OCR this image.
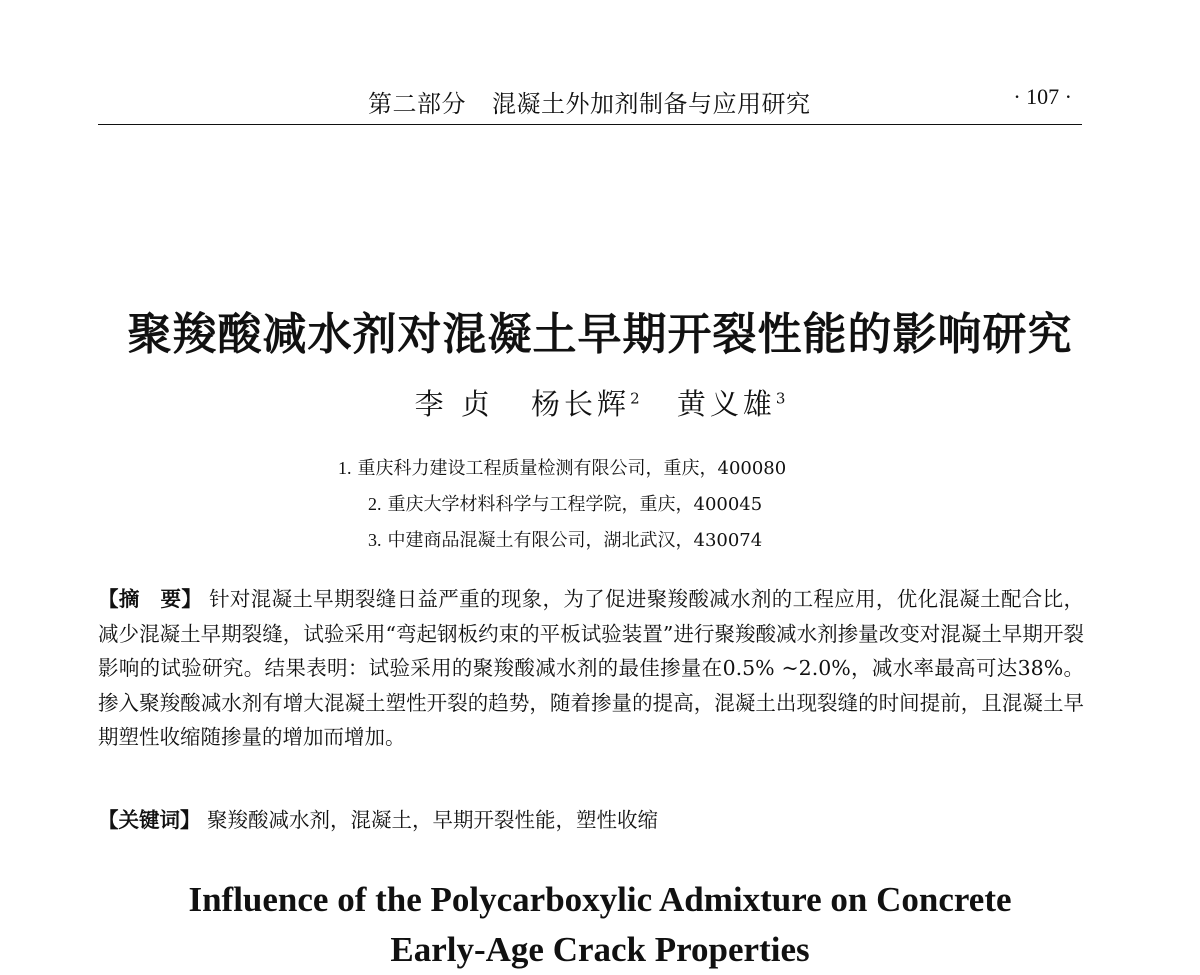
第二部分 混凝土外加剂制备与应用研究	· 107 ·
聚羧酸减水剂对混凝土早期开裂性能的影响研究
李 贞 杨长辉$^2$ 黄义雄$^3$
1. 重庆科力建设工程质量检测有限公司，重庆，400080
2. 重庆大学材料科学与工程学院，重庆，400045
3. 中建商品混凝土有限公司，湖北武汉，430074
【摘　要】 针对混凝土早期裂缝日益严重的现象，为了促进聚羧酸减水剂的工程应用，优化混凝土配合比，减少混凝土早期裂缝，试验采用“弯起钢板约束的平板试验装置”进行聚羧酸减水剂掺量改变对混凝土早期开裂影响的试验研究。结果表明：试验采用的聚羧酸减水剂的最佳掺量在0.5% ~2.0%，减水率最高可达38%。掺入聚羧酸减水剂有增大混凝土塑性开裂的趋势，随着掺量的提高，混凝土出现裂缝的时间提前，且混凝土早期塑性收缩随掺量的增加而增加。
【关键词】 聚羧酸减水剂，混凝土，早期开裂性能，塑性收缩
Influence of the Polycarboxylic Admixture on Concrete
Early-Age Crack Properties
